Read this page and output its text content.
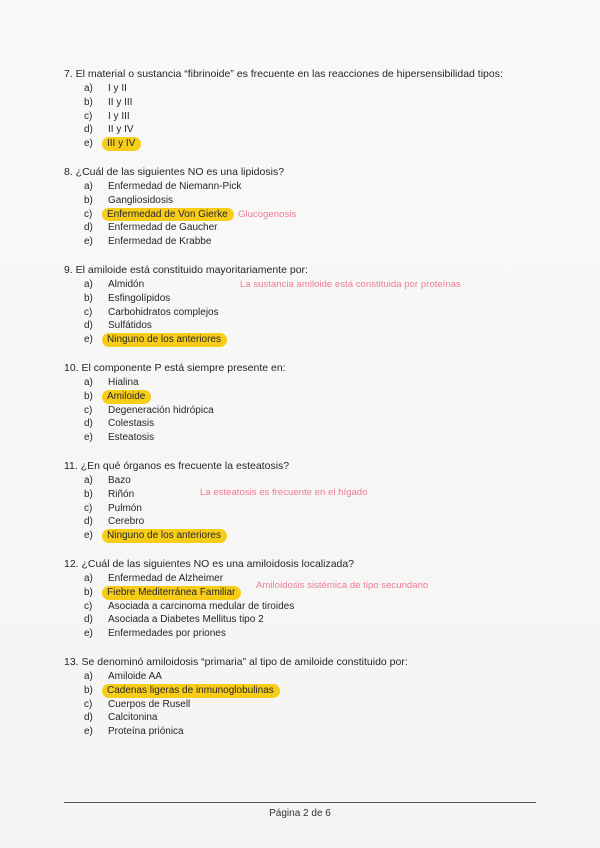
7. El material o sustancia “fibrinoide” es frecuente en las reacciones de hipersensibilidad tipos:
a)	I y II
b)	II y III
c)	I y III
d)	II y IV
e)	III y IV
8. ¿Cuál de las siguientes NO es una lipidosis?
a)	Enfermedad de Niemann-Pick
b)	Gangliosidosis
c)	Enfermedad de Von Gierke
d)	Enfermedad de Gaucher
e)	Enfermedad de Krabbe
Glucogenosis
9. El amiloide está constituido mayoritariamente por:
a)	Almidón
b)	Esfingolípidos
c)	Carbohidratos complejos
d)	Sulfátidos
e)	Ninguno de los anteriores
La sustancia amiloide está constituida por proteínas
10. El componente P está siempre presente en:
a)	Hialina
b)	Amiloide
c)	Degeneración hidrópica
d)	Colestasis
e)	Esteatosis
11. ¿En qué órganos es frecuente la esteatosis?
a)	Bazo
b)	Riñón
c)	Pulmón
d)	Cerebro
e)	Ninguno de los anteriores
La esteatosis es frecuente en el hígado
12. ¿Cuál de las siguientes NO es una amiloidosis localizada?
a)	Enfermedad de Alzheimer
b)	Fiebre Mediterránea Familiar
c)	Asociada a carcinoma medular de tiroides
d)	Asociada a Diabetes Mellitus tipo 2
e)	Enfermedades por priones
Amiloidosis sistémica de tipo secundario
13. Se denominó amiloidosis “primaria” al tipo de amiloide constituido por:
a)	Amiloide AA
b)	Cadenas ligeras de inmunoglobulinas
c)	Cuerpos de Rusell
d)	Calcitonina
e)	Proteína priónica
Página 2 de 6
